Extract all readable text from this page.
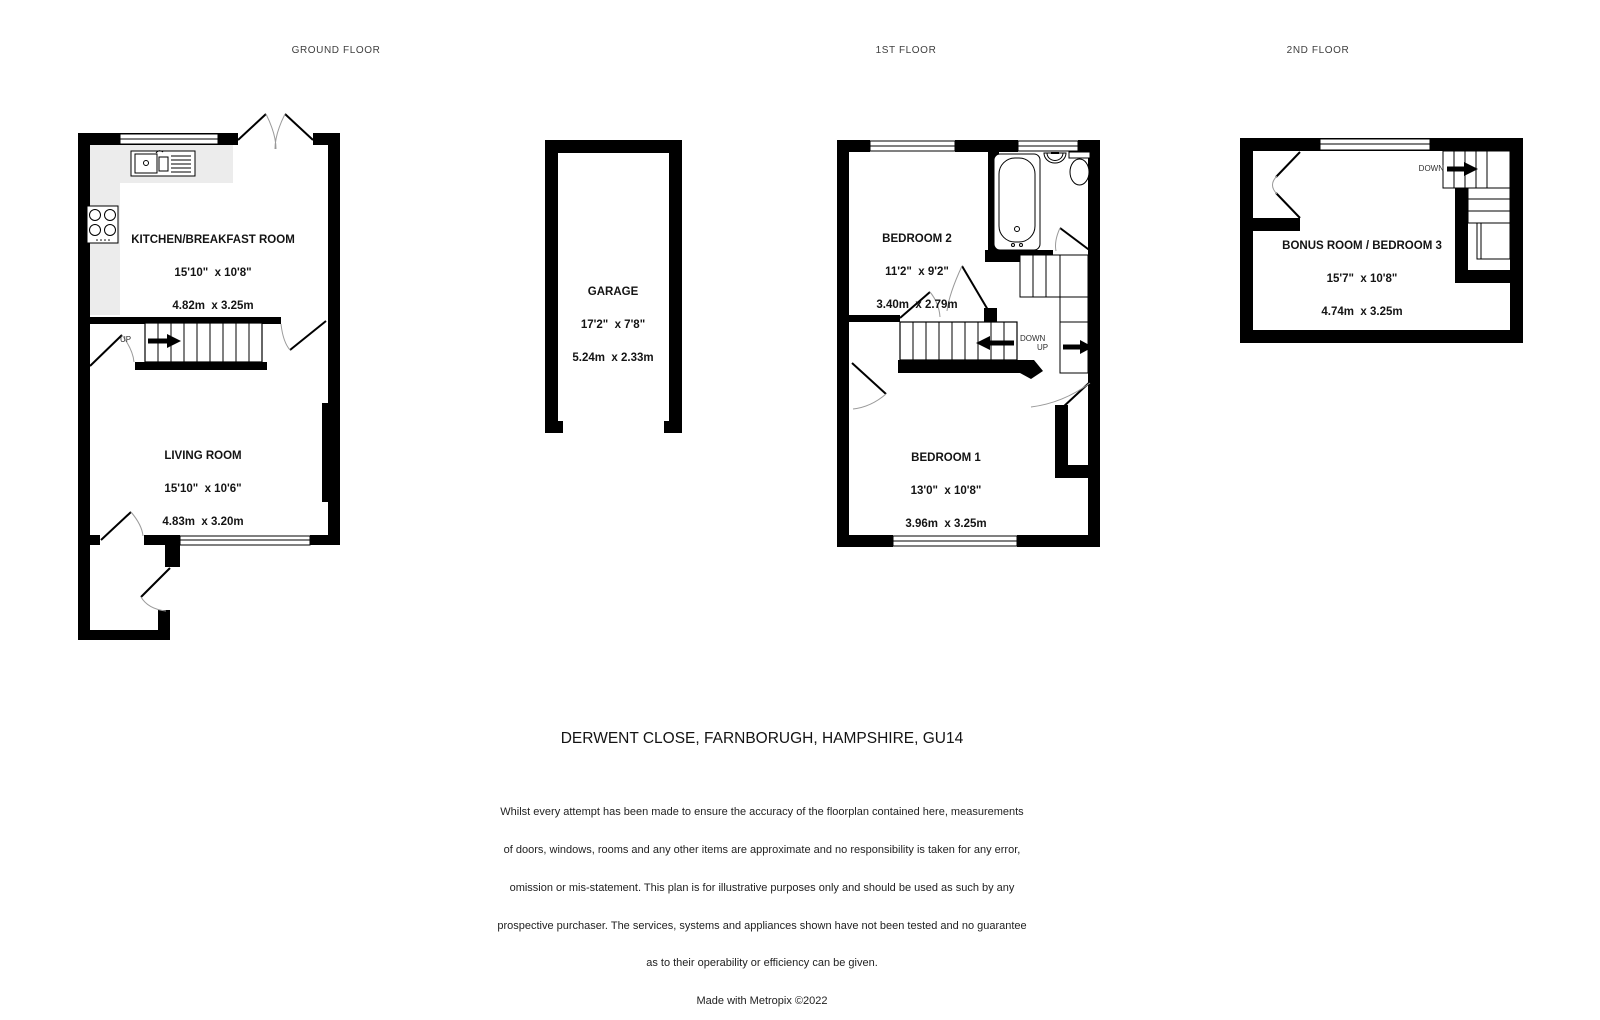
GROUND FLOOR	1ST FLOOR	2ND FLOOR

KITCHEN/BREAKFAST ROOM

15'10"  x 10'8"

4.82m  x 3.25m

LIVING ROOM

15'10"  x 10'6"

4.83m  x 3.20m

GARAGE

17'2"  x 7'8"

5.24m  x 2.33m

BEDROOM 2

11'2"  x 9'2"

3.40m  x 2.79m

BEDROOM 1

13'0"  x 10'8"

3.96m  x 3.25m

BONUS ROOM / BEDROOM 3

15'7"  x 10'8"

4.74m  x 3.25m

UP	DOWN
UP
DOWN
DERWENT CLOSE, FARNBORUGH, HAMPSHIRE, GU14

Whilst every attempt has been made to ensure the accuracy of the floorplan contained here, measurements

of doors, windows, rooms and any other items are approximate and no responsibility is taken for any error,

omission or mis-statement. This plan is for illustrative purposes only and should be used as such by any

prospective purchaser. The services, systems and appliances shown have not been tested and no guarantee

as to their operability or efficiency can be given.

Made with Metropix ©2022
